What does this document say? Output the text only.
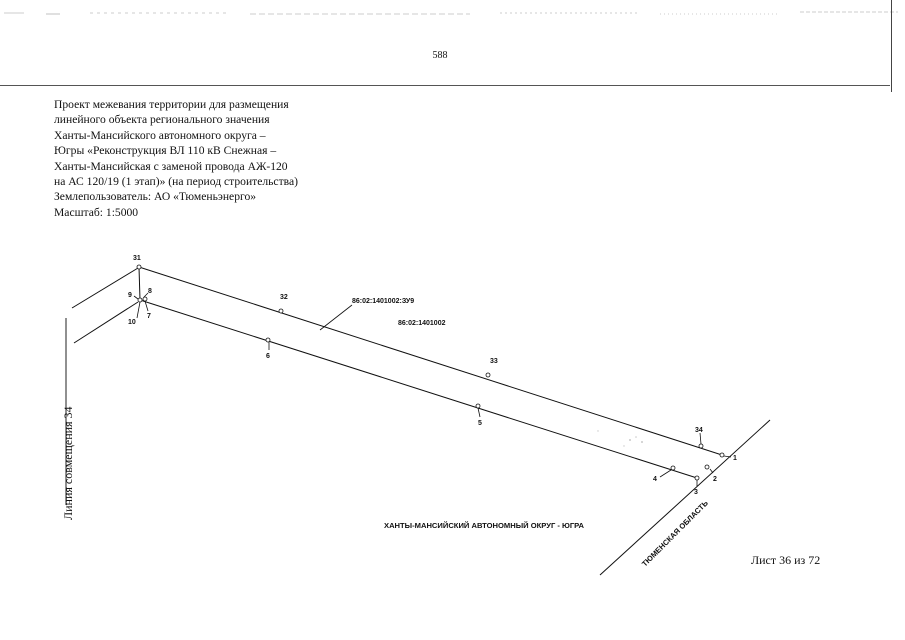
588
Проект межевания территории для размещения
линейного объекта регионального значения
Ханты-Мансийского автономного округа –
Югры «Реконструкция ВЛ 110 кВ Снежная –
Ханты-Мансийская с заменой провода АЖ-120
на АС 120/19 (1 этап)» (на период строительства)
Землепользователь: АО «Тюменьэнерго»
Масштаб: 1:5000
31
32
33
34
1
2
3
4
5
6
7
8
9
10
86:02:1401002:ЗУ9
86:02:1401002
ХАНТЫ-МАНСИЙСКИЙ АВТОНОМНЫЙ ОКРУГ - ЮГРА	ТЮМЕНСКАЯ ОБЛАСТЬ
Линия совмещения 34
Лист 36 из 72
